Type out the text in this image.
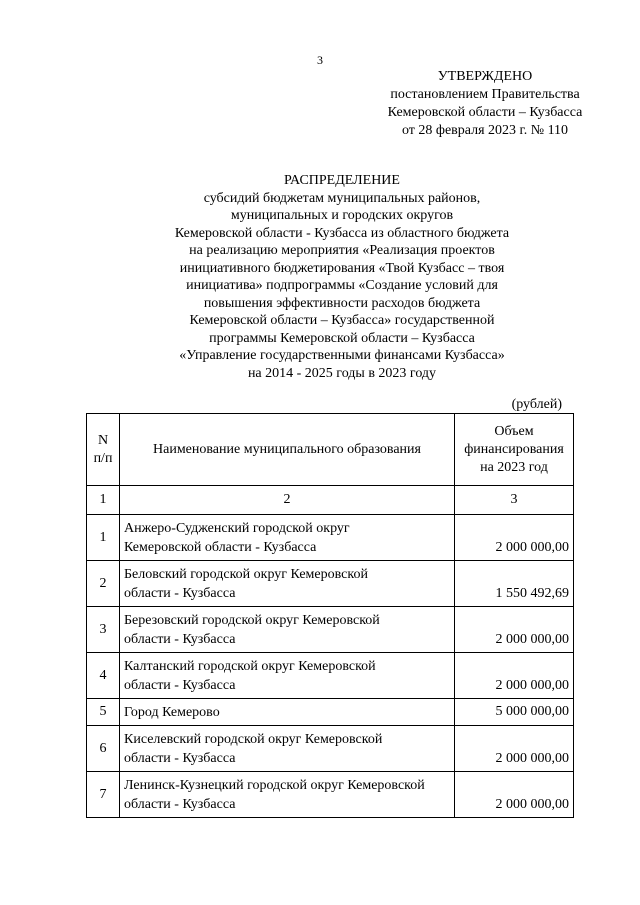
3
УТВЕРЖДЕНО
постановлением Правительства
Кемеровской области – Кузбасса
от 28 февраля 2023 г. № 110
РАСПРЕДЕЛЕНИЕ
субсидий бюджетам муниципальных районов,
муниципальных и городских округов
Кемеровской области - Кузбасса из областного бюджета
на реализацию мероприятия «Реализация проектов
инициативного бюджетирования «Твой Кузбасс – твоя
инициатива» подпрограммы «Создание условий для
повышения эффективности расходов бюджета
Кемеровской области – Кузбасса» государственной
программы Кемеровской области – Кузбасса
«Управление государственными финансами Кузбасса»
на 2014 - 2025 годы в 2023 году
(рублей)
N
п/п	Наименование муниципального образования	Объем
финансирования
на 2023 год
1	2	3
1	Анжеро-Судженский городской округ
Кемеровской области - Кузбасса	2 000 000,00
2	Беловский городской округ Кемеровской
области - Кузбасса	1 550 492,69
3	Березовский городской округ Кемеровской
области - Кузбасса	2 000 000,00
4	Калтанский городской округ Кемеровской
области - Кузбасса	2 000 000,00
5	Город Кемерово	5 000 000,00
6	Киселевский городской округ Кемеровской
области - Кузбасса	2 000 000,00
7	Ленинск-Кузнецкий городской округ Кемеровской
области - Кузбасса	2 000 000,00
